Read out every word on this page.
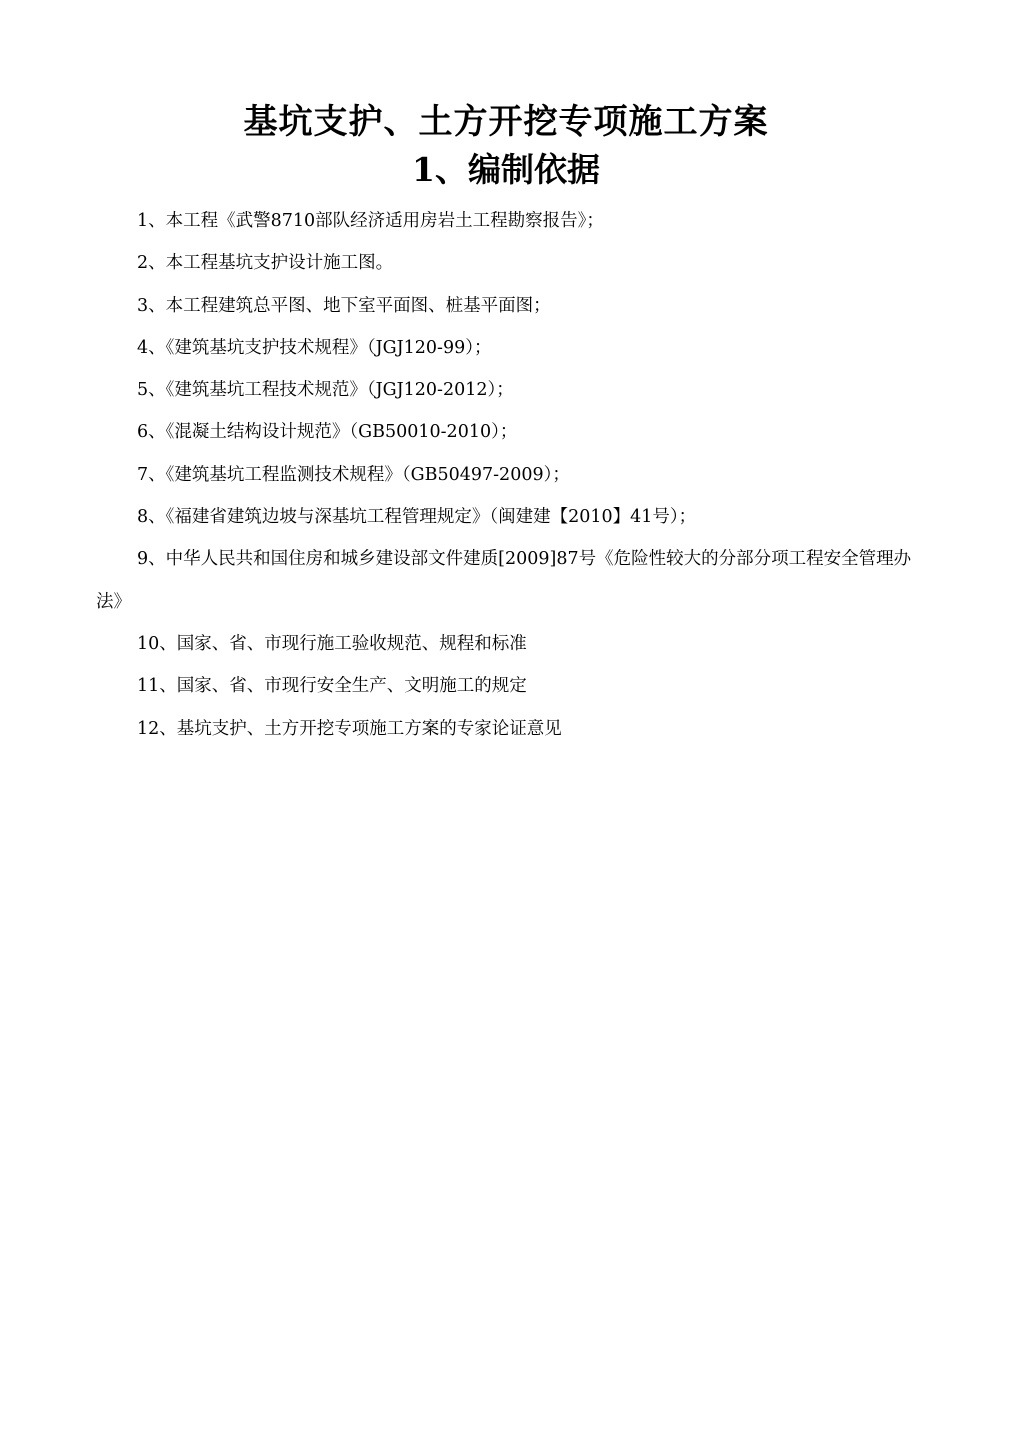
基坑支护、土方开挖专项施工方案
1、编制依据
1、本工程《武警8710部队经济适用房岩土工程勘察报告》；
2、本工程基坑支护设计施工图。
3、本工程建筑总平图、地下室平面图、桩基平面图；
4、《建筑基坑支护技术规程》（JGJ120-99）；
5、《建筑基坑工程技术规范》（JGJ120-2012）；
6、《混凝土结构设计规范》（GB50010-2010）；
7、《建筑基坑工程监测技术规程》（GB50497-2009）；
8、《福建省建筑边坡与深基坑工程管理规定》（闽建建【2010】41号）；
9、中华人民共和国住房和城乡建设部文件建质[2009]87号《危险性较大的分部分项工程安全管理办法》
10、国家、省、市现行施工验收规范、规程和标准
11、国家、省、市现行安全生产、文明施工的规定
12、基坑支护、土方开挖专项施工方案的专家论证意见
